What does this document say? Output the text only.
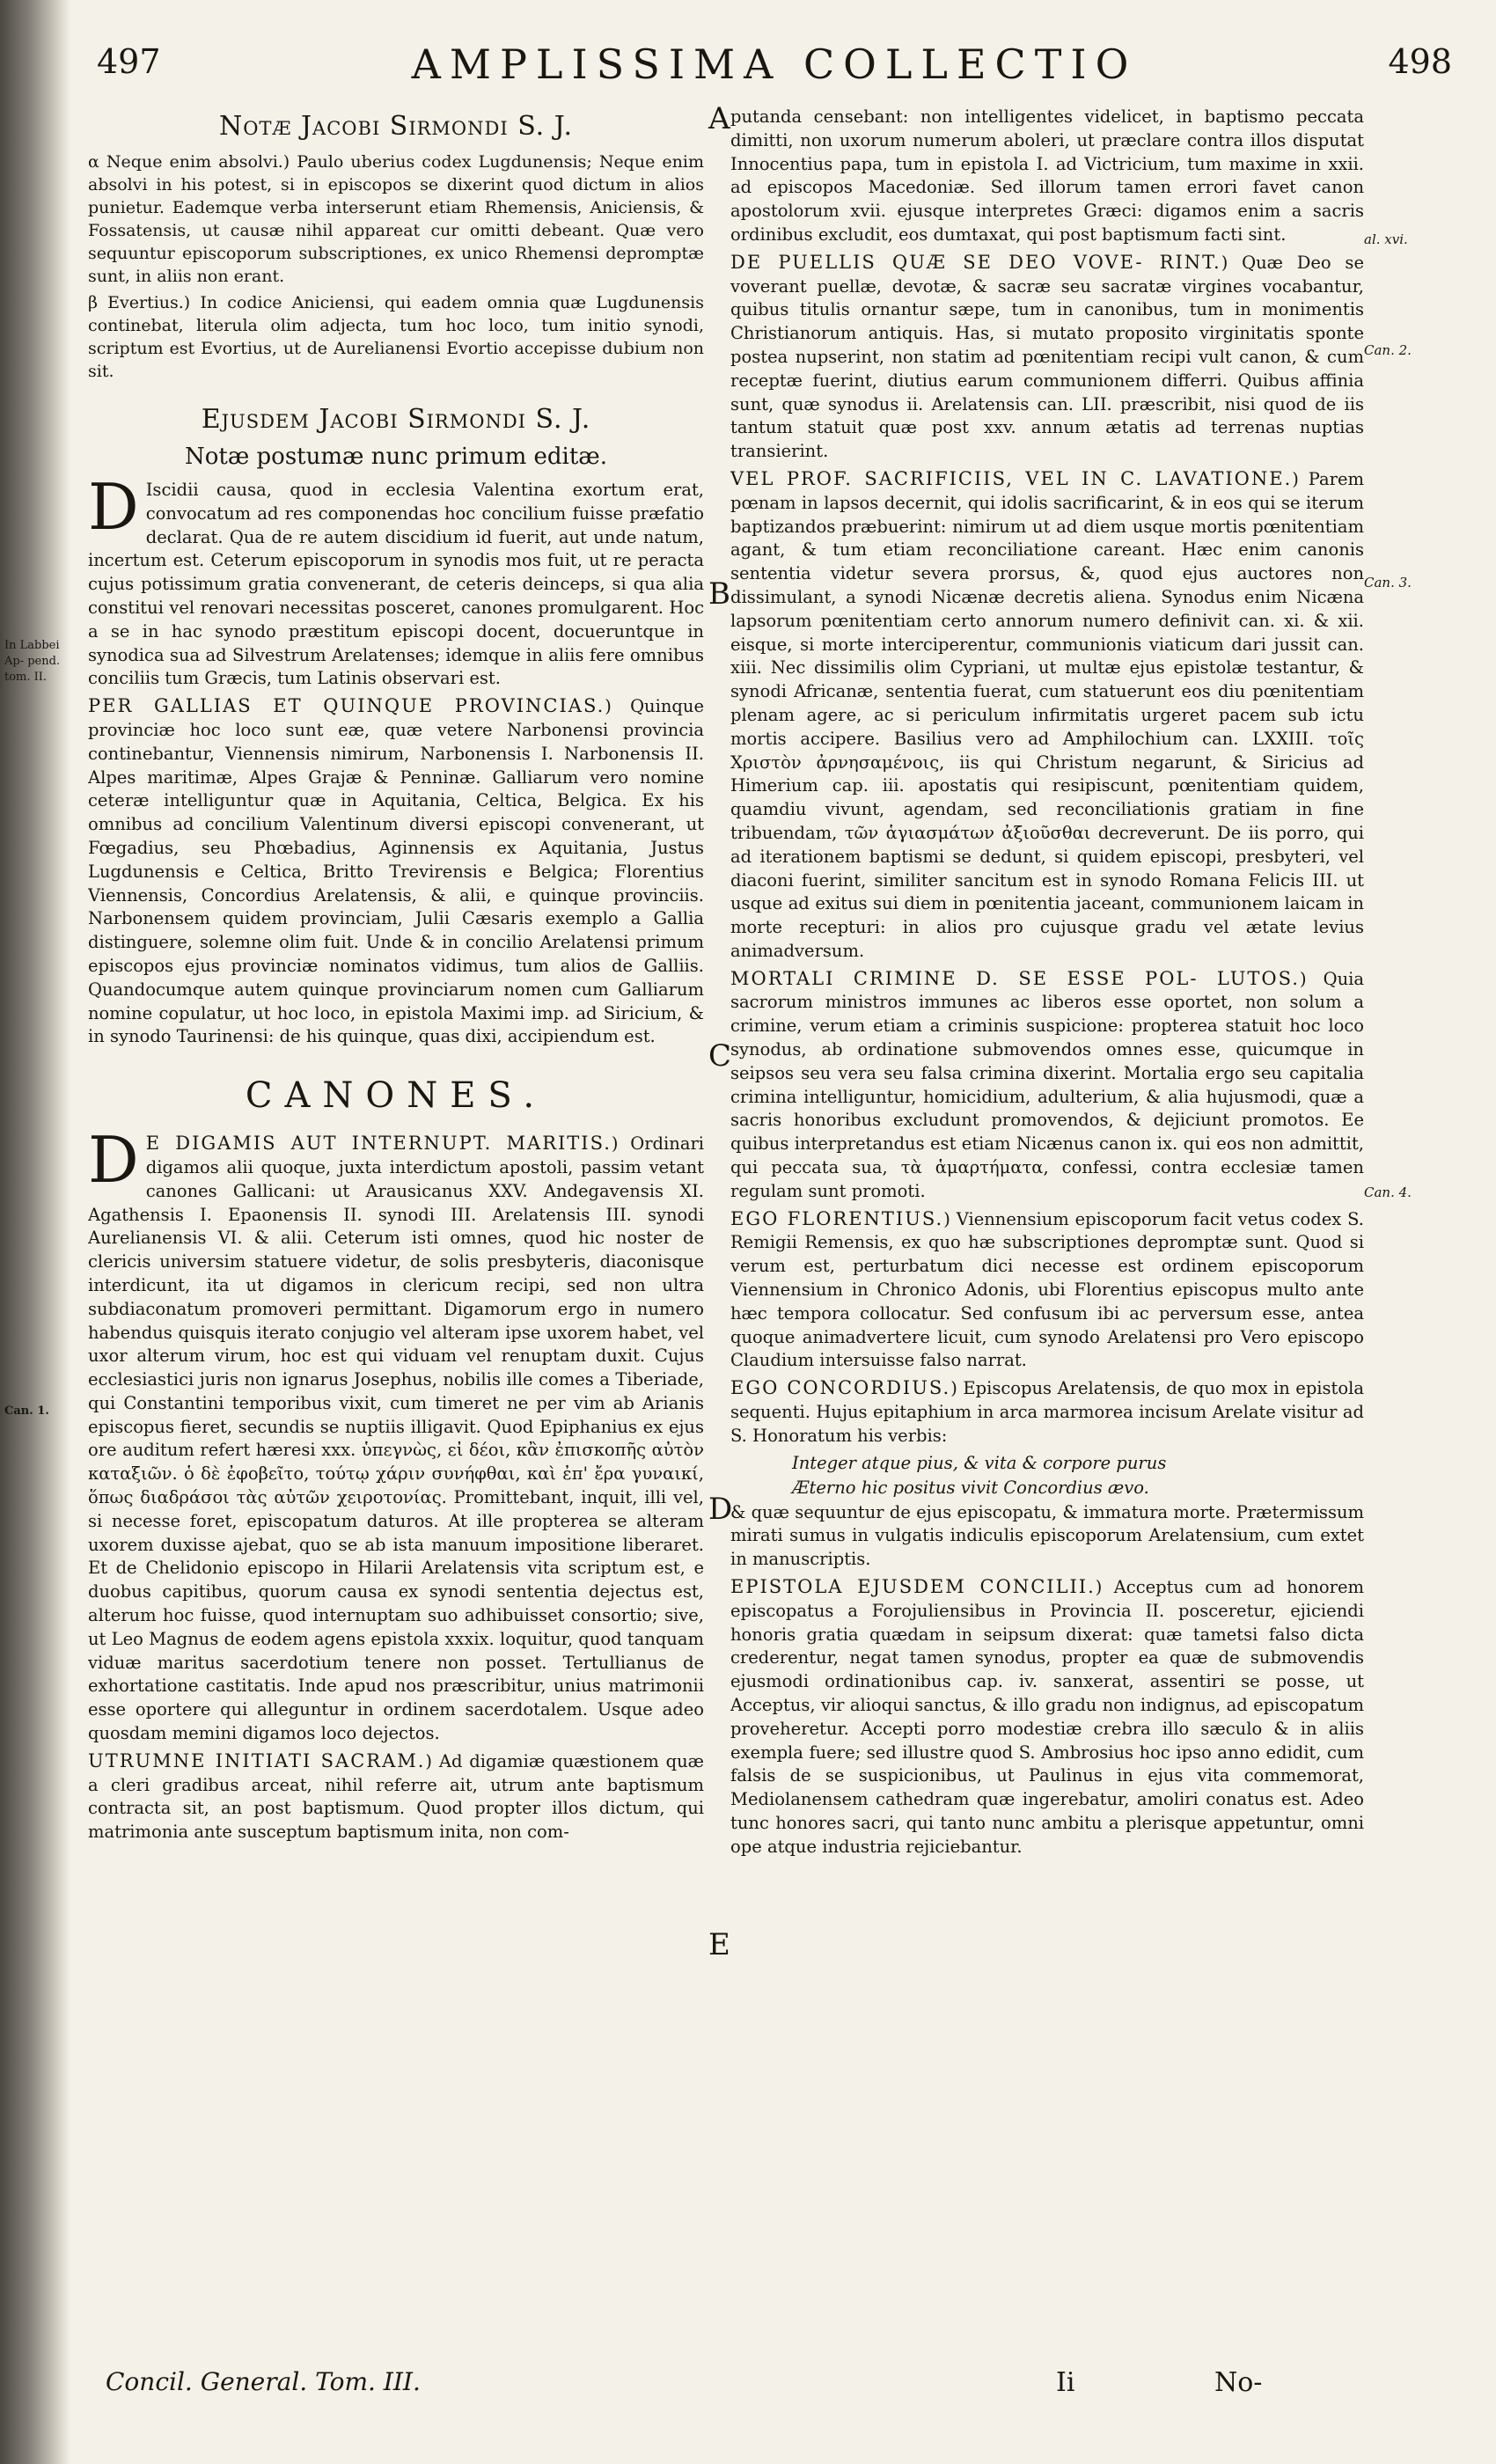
497	AMPLISSIMA COLLECTIO	498
Notæ Jacobi Sirmondi S. J.

α Neque enim absolvi.) Paulo uberius codex Lugdunensis; Neque enim absolvi in his potest, si in episcopos se dixerint quod dictum in alios punietur. Eademque verba interserunt etiam Rhemensis, Aniciensis, & Fossatensis, ut causæ nihil appareat cur omitti debeant. Quæ vero sequuntur episcoporum subscriptiones, ex unico Rhemensi depromptæ sunt, in aliis non erant.

β Evertius.) In codice Aniciensi, qui eadem omnia quæ Lugdunensis continebat, literula olim adjecta, tum hoc loco, tum initio synodi, scriptum est Evortius, ut de Aurelianensi Evortio accepisse dubium non sit.

Ejusdem Jacobi Sirmondi S. J.
Notæ postumæ nunc primum editæ.

D Iscidii causa, quod in ecclesia Valentina exortum erat, convocatum ad res componendas hoc concilium fuisse præfatio declarat. Qua de re autem discidium id fuerit, aut unde natum, incertum est. Ceterum episcoporum in synodis mos fuit, ut re peracta cujus potissimum gratia convenerant, de ceteris deinceps, si qua alia constitui vel renovari necessitas posceret, canones promulgarent. Hoc a se in hac synodo præstitum episcopi docent, docueruntque in synodica sua ad Silvestrum Arelatenses; idemque in aliis fere omnibus conciliis tum Græcis, tum Latinis observari est.

PER GALLIAS ET QUINQUE PROVINCIAS.) Quinque provinciæ hoc loco sunt eæ, quæ vetere Narbonensi provincia continebantur, Viennensis nimirum, Narbonensis I. Narbonensis II. Alpes maritimæ, Alpes Grajæ & Penninæ. Galliarum vero nomine ceteræ intelliguntur quæ in Aquitania, Celtica, Belgica. Ex his omnibus ad concilium Valentinum diversi episcopi convenerant, ut Fœgadius, seu Phœbadius, Aginnensis ex Aquitania, Justus Lugdunensis e Celtica, Britto Trevirensis e Belgica; Florentius Viennensis, Concordius Arelatensis, & alii, e quinque provinciis. Narbonensem quidem provinciam, Julii Cæsaris exemplo a Gallia distinguere, solemne olim fuit. Unde & in concilio Arelatensi primum episcopos ejus provinciæ nominatos vidimus, tum alios de Galliis. Quandocumque autem quinque provinciarum nomen cum Galliarum nomine copulatur, ut hoc loco, in epistola Maximi imp. ad Siricium, & in synodo Taurinensi: de his quinque, quas dixi, accipiendum est.

CANONES.

D E DIGAMIS AUT INTERNUPT. MARITIS.) Ordinari digamos alii quoque, juxta interdictum apostoli, passim vetant canones Gallicani: ut Arausicanus XXV. Andegavensis XI. Agathensis I. Epaonensis II. synodi III. Arelatensis III. synodi Aurelianensis VI. & alii. Ceterum isti omnes, quod hic noster de clericis universim statuere videtur, de solis presbyteris, diaconisque interdicunt, ita ut digamos in clericum recipi, sed non ultra subdiaconatum promoveri permittant. Digamorum ergo in numero habendus quisquis iterato conjugio vel alteram ipse uxorem habet, vel uxor alterum virum, hoc est qui viduam vel renuptam duxit. Cujus ecclesiastici juris non ignarus Josephus, nobilis ille comes a Tiberiade, qui Constantini temporibus vixit, cum timeret ne per vim ab Arianis episcopus fieret, secundis se nuptiis illigavit. Quod Epiphanius ex ejus ore auditum refert hæresi xxx. ὑπεγνὼς, εἰ δέοι, κἂν ἐπισκοπῆς αὐτὸν καταξιῶν. ὁ δὲ ἐφοβεῖτο, τούτῳ χάριν συνήφθαι, καὶ ἐπ' ἔρα γυναικί, ὅπως διαδράσοι τὰς αὐτῶν χειροτονίας. Promittebant, inquit, illi vel, si necesse foret, episcopatum daturos. At ille propterea se alteram uxorem duxisse ajebat, quo se ab ista manuum impositione liberaret. Et de Chelidonio episcopo in Hilarii Arelatensis vita scriptum est, e duobus capitibus, quorum causa ex synodi sententia dejectus est, alterum hoc fuisse, quod internuptam suo adhibuisset consortio; sive, ut Leo Magnus de eodem agens epistola xxxix. loquitur, quod tanquam viduæ maritus sacerdotium tenere non posset. Tertullianus de exhortatione castitatis. Inde apud nos præscribitur, unius matrimonii esse oportere qui alleguntur in ordinem sacerdotalem. Usque adeo quosdam memini digamos loco dejectos.

UTRUMNE INITIATI SACRAM.) Ad digamiæ quæstionem quæ a cleri gradibus arceat, nihil referre ait, utrum ante baptismum contracta sit, an post baptismum. Quod propter illos dictum, qui matrimonia ante susceptum baptismum inita, non com-

In Labbei Ap- pend. tom. II.
Can. 1.

putanda censebant: non intelligentes videlicet, in baptismo peccata dimitti, non uxorum numerum aboleri, ut præclare contra illos disputat Innocentius papa, tum in epistola I. ad Victricium, tum maxime in xxii. ad episcopos Macedoniæ. Sed illorum tamen errori favet canon apostolorum xvii. ejusque interpretes Græci: digamos enim a sacris ordinibus excludit, eos dumtaxat, qui post baptismum facti sint.

DE PUELLIS QUÆ SE DEO VOVE- RINT.) Quæ Deo se voverant puellæ, devotæ, & sacræ seu sacratæ virgines vocabantur, quibus titulis ornantur sæpe, tum in canonibus, tum in monimentis Christianorum antiquis. Has, si mutato proposito virginitatis sponte postea nupserint, non statim ad pœnitentiam recipi vult canon, & cum receptæ fuerint, diutius earum communionem differri. Quibus affinia sunt, quæ synodus ii. Arelatensis can. LII. præscribit, nisi quod de iis tantum statuit quæ post xxv. annum ætatis ad terrenas nuptias transierint.

VEL PROF. SACRIFICIIS, VEL IN C. LAVATIONE.) Parem pœnam in lapsos decernit, qui idolis sacrificarint, & in eos qui se iterum baptizandos præbuerint: nimirum ut ad diem usque mortis pœnitentiam agant, & tum etiam reconciliatione careant. Hæc enim canonis sententia videtur severa prorsus, &, quod ejus auctores non dissimulant, a synodi Nicænæ decretis aliena. Synodus enim Nicæna lapsorum pœnitentiam certo annorum numero definivit can. xi. & xii. eisque, si morte interciperentur, communionis viaticum dari jussit can. xiii. Nec dissimilis olim Cypriani, ut multæ ejus epistolæ testantur, & synodi Africanæ, sententia fuerat, cum statuerunt eos diu pœnitentiam plenam agere, ac si periculum infirmitatis urgeret pacem sub ictu mortis accipere. Basilius vero ad Amphilochium can. LXXIII. τοῖς Χριστὸν ἀρνησαμένοις, iis qui Christum negarunt, & Siricius ad Himerium cap. iii. apostatis qui resipiscunt, pœnitentiam quidem, quamdiu vivunt, agendam, sed reconciliationis gratiam in fine tribuendam, τῶν ἁγιασμάτων ἀξιοῦσθαι decreverunt. De iis porro, qui ad iterationem baptismi se dedunt, si quidem episcopi, presbyteri, vel diaconi fuerint, similiter sancitum est in synodo Romana Felicis III. ut usque ad exitus sui diem in pœnitentia jaceant, communionem laicam in morte recepturi: in alios pro cujusque gradu vel ætate levius animadversum.

MORTALI CRIMINE D. SE ESSE POL- LUTOS.) Quia sacrorum ministros immunes ac liberos esse oportet, non solum a crimine, verum etiam a criminis suspicione: propterea statuit hoc loco synodus, ab ordinatione submovendos omnes esse, quicumque in seipsos seu vera seu falsa crimina dixerint. Mortalia ergo seu capitalia crimina intelliguntur, homicidium, adulterium, & alia hujusmodi, quæ a sacris honoribus excludunt promovendos, & dejiciunt promotos. Ee quibus interpretandus est etiam Nicænus canon ix. qui eos non admittit, qui peccata sua, τὰ ἁμαρτήματα, confessi, contra ecclesiæ tamen regulam sunt promoti.

EGO FLORENTIUS.) Viennensium episcoporum facit vetus codex S. Remigii Remensis, ex quo hæ subscriptiones depromptæ sunt. Quod si verum est, perturbatum dici necesse est ordinem episcoporum Viennensium in Chronico Adonis, ubi Florentius episcopus multo ante hæc tempora collocatur. Sed confusum ibi ac perversum esse, antea quoque animadvertere licuit, cum synodo Arelatensi pro Vero episcopo Claudium intersuisse falso narrat.

EGO CONCORDIUS.) Episcopus Arelatensis, de quo mox in epistola sequenti. Hujus epitaphium in arca marmorea incisum Arelate visitur ad S. Honoratum his verbis:

Integer atque pius, & vita & corpore purus

Æterno hic positus vivit Concordius ævo.

& quæ sequuntur de ejus episcopatu, & immatura morte. Prætermissum mirati sumus in vulgatis indiculis episcoporum Arelatensium, cum extet in manuscriptis.

EPISTOLA EJUSDEM CONCILII.) Acceptus cum ad honorem episcopatus a Forojuliensibus in Provincia II. posceretur, ejiciendi honoris gratia quædam in seipsum dixerat: quæ tametsi falso dicta crederentur, negat tamen synodus, propter ea quæ de submovendis ejusmodi ordinationibus cap. iv. sanxerat, assentiri se posse, ut Acceptus, vir alioqui sanctus, & illo gradu non indignus, ad episcopatum proveheretur. Accepti porro modestiæ crebra illo sæculo & in aliis exempla fuere; sed illustre quod S. Ambrosius hoc ipso anno edidit, cum falsis de se suspicionibus, ut Paulinus in ejus vita commemorat, Mediolanensem cathedram quæ ingerebatur, amoliri conatus est. Adeo tunc honores sacri, qui tanto nunc ambitu a plerisque appetuntur, omni ope atque industria rejiciebantur.

A
B
C
D
E
al. xvi.
Can. 2.
Can. 3.
Can. 4.
Concil. General. Tom. III.	Ii	No-
